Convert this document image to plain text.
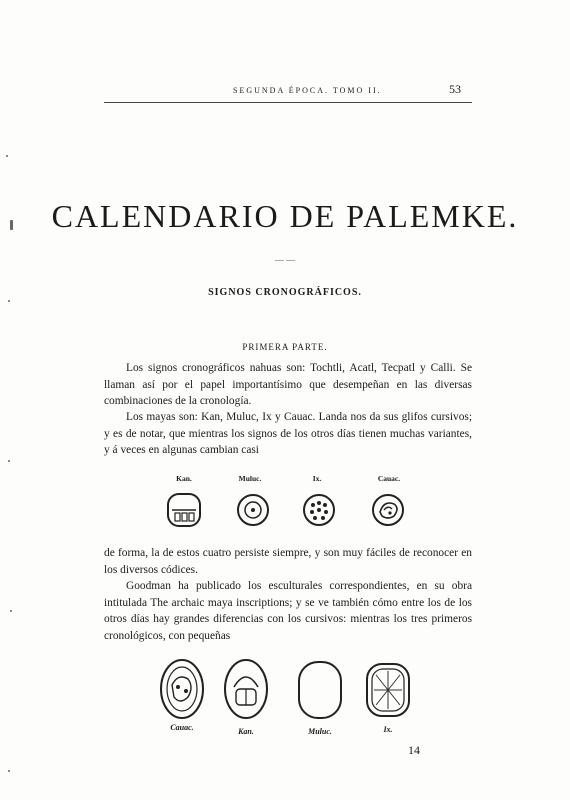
SEGUNDA ÉPOCA. TOMO II.	53
CALENDARIO DE PALEMKE.
— —
SIGNOS CRONOGRÁFICOS.
PRIMERA PARTE.

Los signos cronográficos nahuas son: Tochtli, Acatl, Tecpatl y Calli. Se llaman así por el papel importantísimo que desempeñan en las diversas combinaciones de la cronología.

Los mayas son: Kan, Muluc, Ix y Cauac. Landa nos da sus glifos cursivos; y es de notar, que mientras los signos de los otros días tienen muchas variantes, y á veces en algunas cambian casi

Kan.	Muluc.	Ix.	Cauac.

de forma, la de estos cuatro persiste siempre, y son muy fáciles de reconocer en los diversos códices.

Goodman ha publicado los esculturales correspondientes, en su obra intitulada The archaic maya inscriptions; y se ve también cómo entre los de los otros días hay grandes diferencias con los cursivos: mientras los tres primeros cronológicos, con pequeñas

Cauac.	Kan.	Muluc.	Ix.
14
